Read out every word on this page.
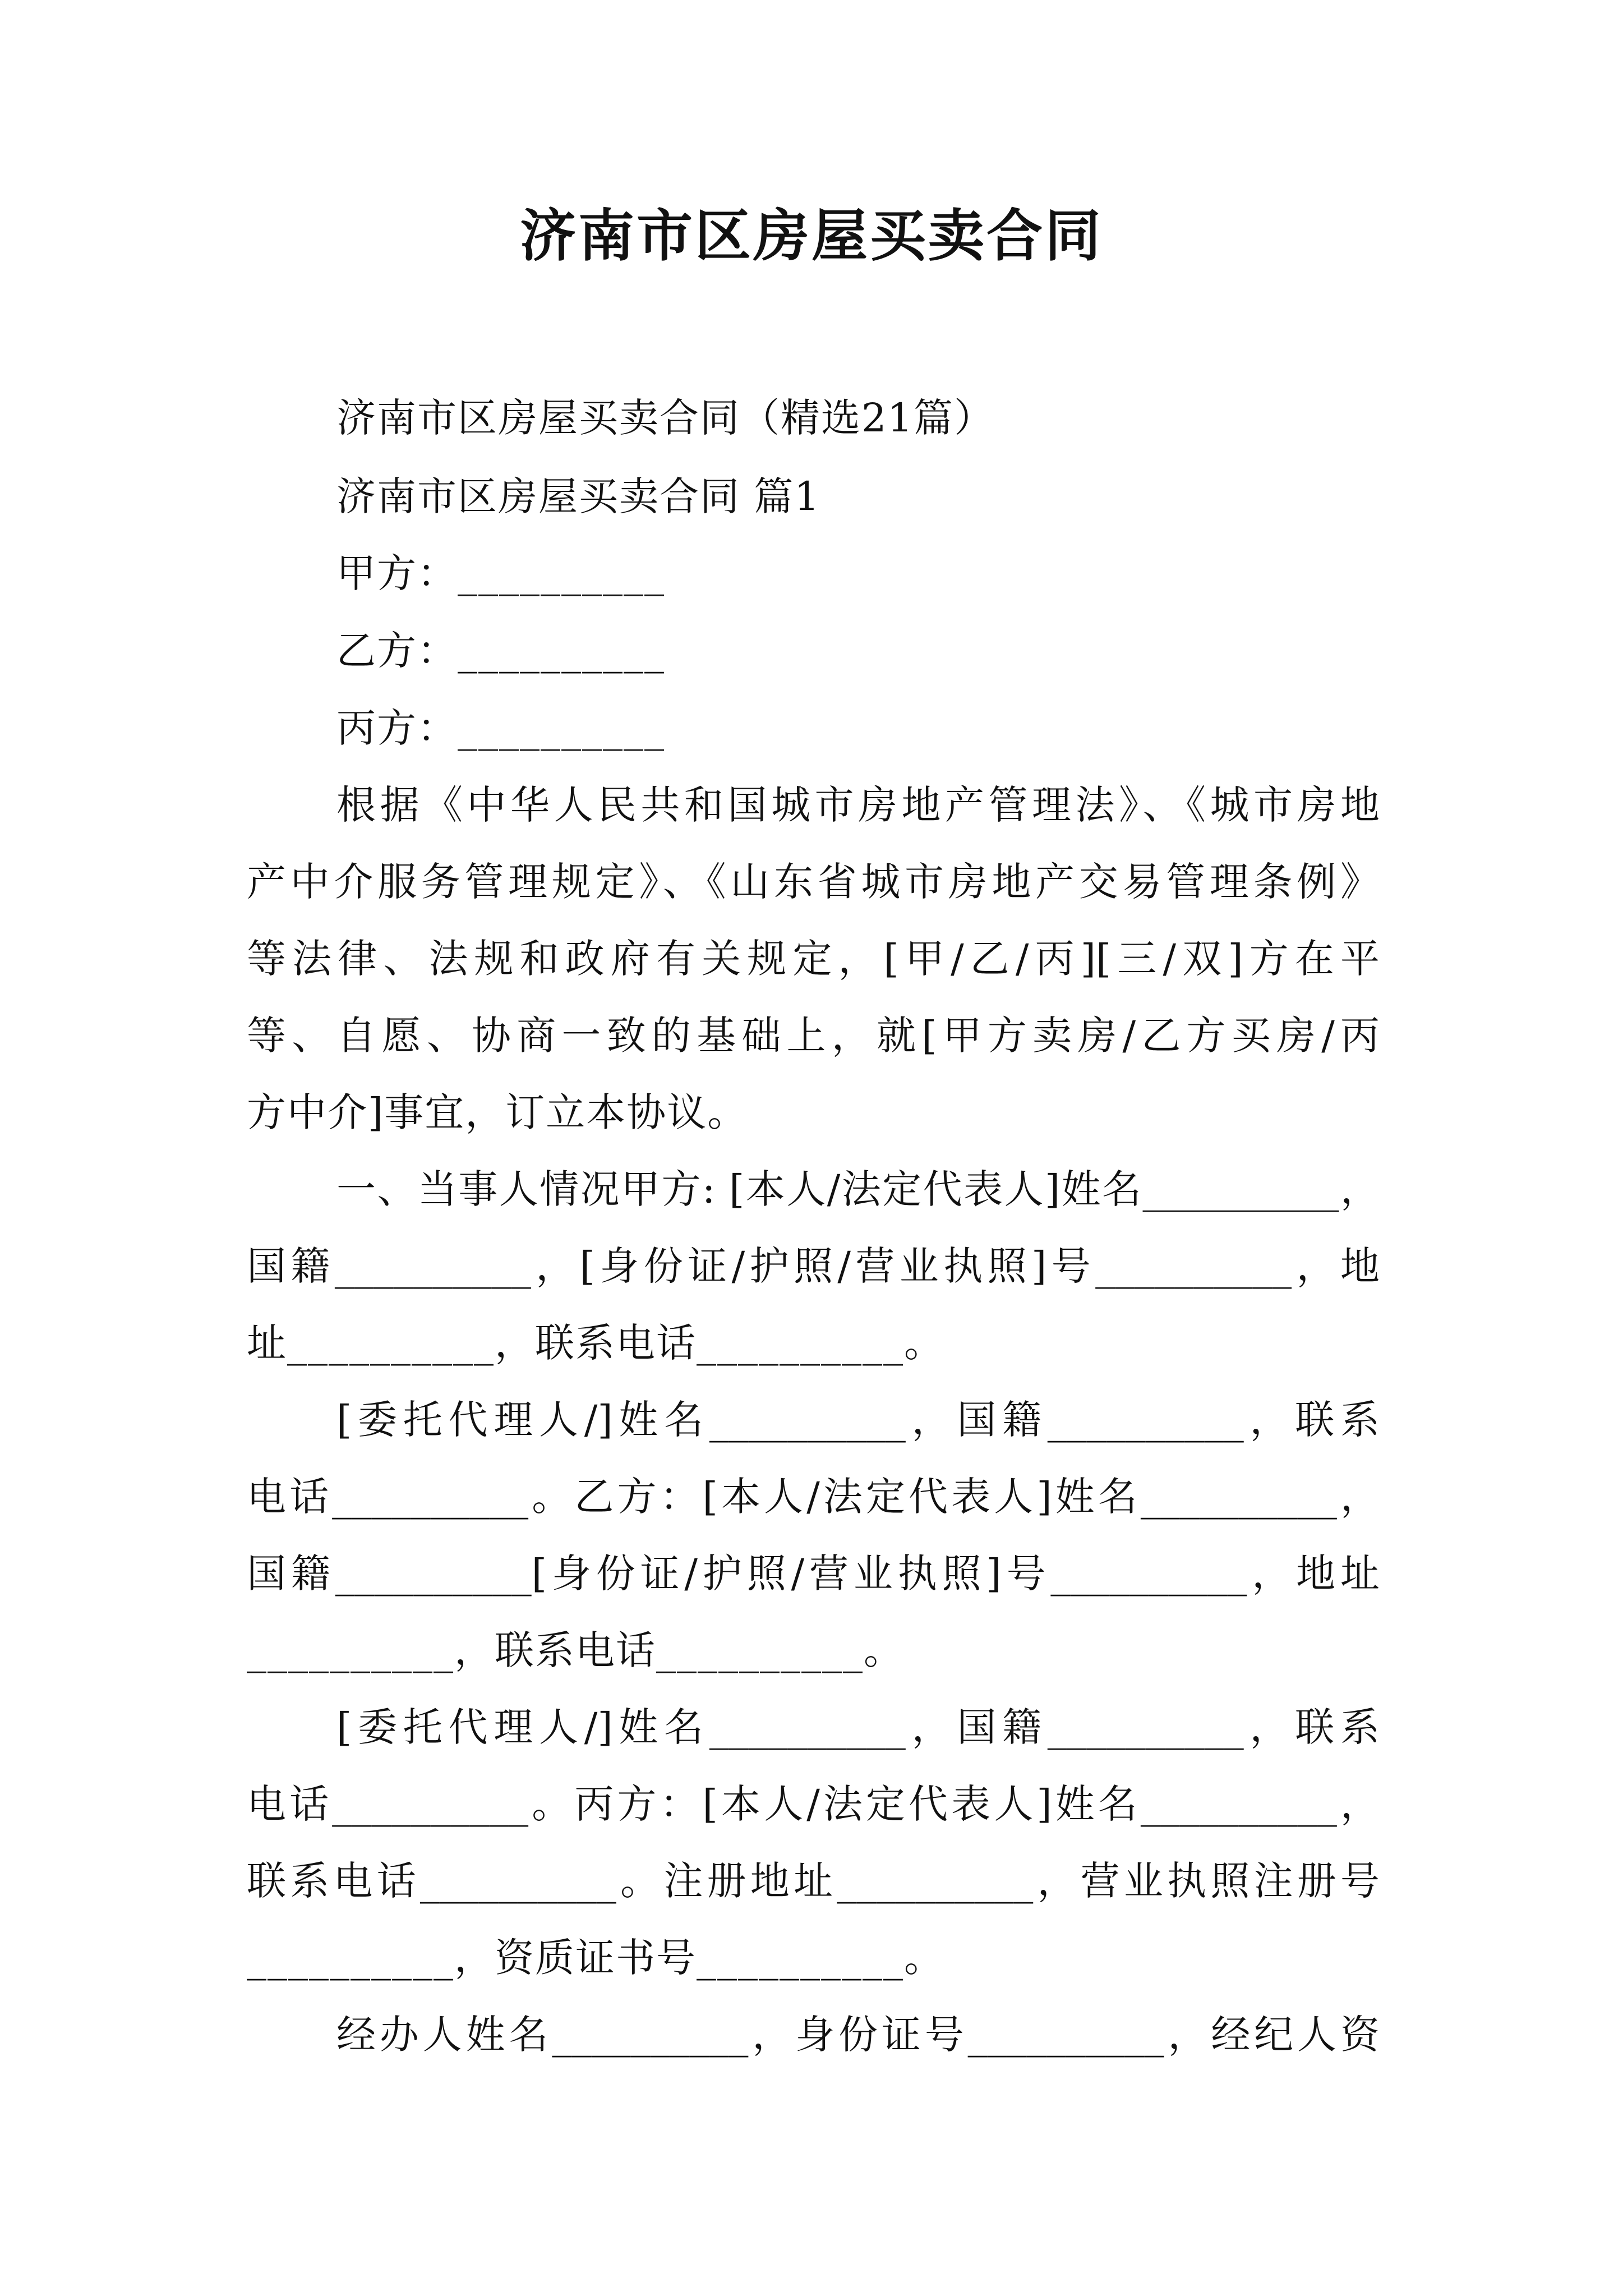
济南市区房屋买卖合同
济南市区房屋买卖合同（精选21篇）
济南市区房屋买卖合同 篇1
甲方：__________
乙方：__________
丙方：__________
根据《中华人民共和国城市房地产管理法》、《城市房地
产中介服务管理规定》、《山东省城市房地产交易管理条例》
等法律、法规和政府有关规定，[甲/乙/丙][三/双]方在平
等、自愿、协商一致的基础上，就[甲方卖房/乙方买房/丙
方中介]事宜，订立本协议。
一、当事人情况甲方: [本人/法定代表人]姓名__________，
国籍__________，[身份证/护照/营业执照]号__________，地
址__________，联系电话__________。
[委托代理人/]姓名__________，国籍__________，联系
电话__________。乙方：[本人/法定代表人]姓名__________，
国籍__________[身份证/护照/营业执照]号__________，地址
__________，联系电话__________。
[委托代理人/]姓名__________，国籍__________，联系
电话__________。丙方：[本人/法定代表人]姓名__________，
联系电话__________。注册地址__________，营业执照注册号
__________，资质证书号__________。
经办人姓名__________，身份证号__________，经纪人资
